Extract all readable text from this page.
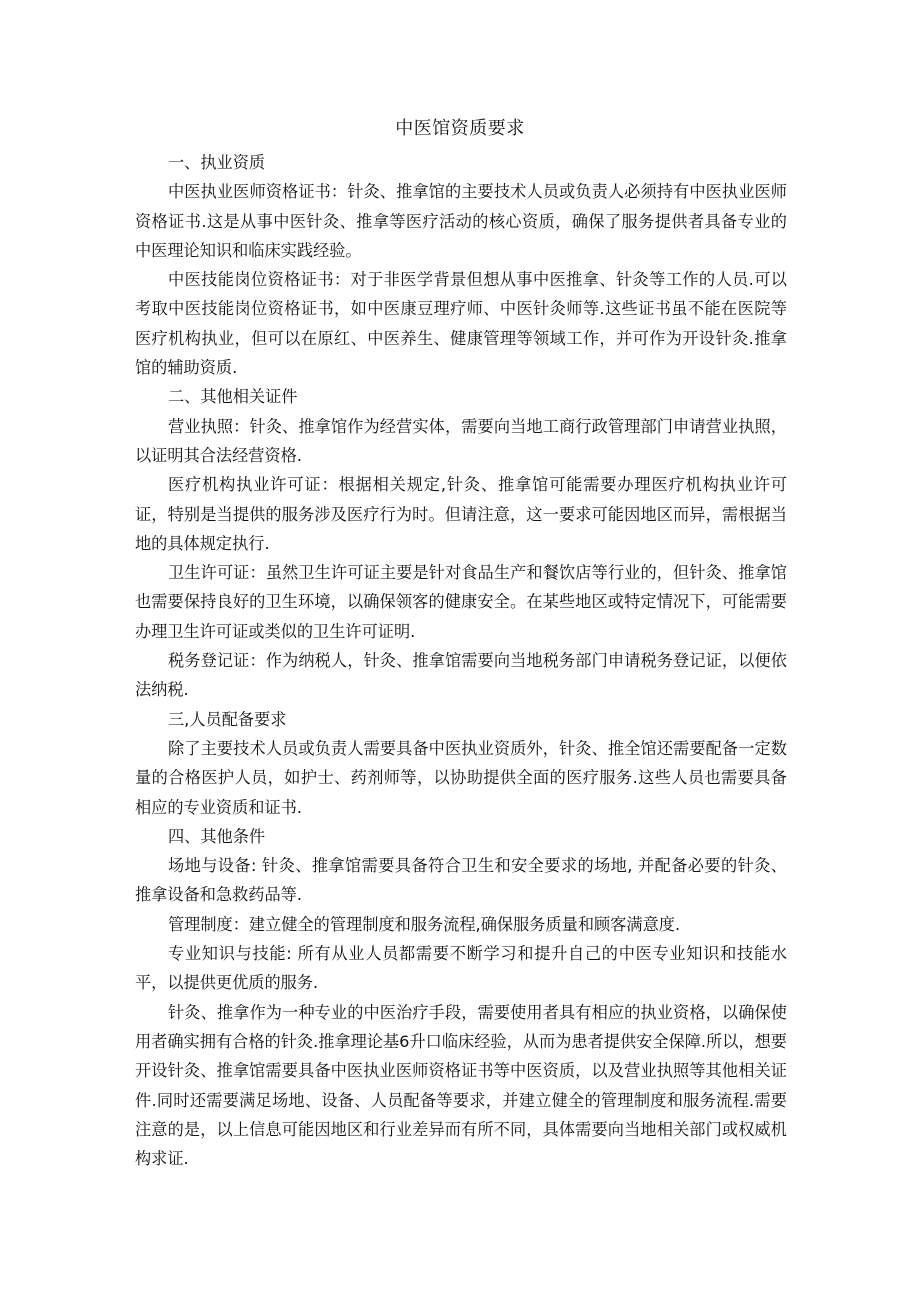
中医馆资质要求

一、执业资质

中医执业医师资格证书：针灸、推拿馆的主要技术人员或负责人必须持有中医执业医师资格证书.这是从事中医针灸、推拿等医疗活动的核心资质，确保了服务提供者具备专业的中医理论知识和临床实践经验。

中医技能岗位资格证书：对于非医学背景但想从事中医推拿、针灸等工作的人员.可以考取中医技能岗位资格证书，如中医康豆理疗师、中医针灸师等.这些证书虽不能在医院等医疗机构执业，但可以在原红、中医养生、健康管理等领域工作，并可作为开设针灸.推拿馆的辅助资质.

二、其他相关证件

营业执照：针灸、推拿馆作为经营实体，需要向当地工商行政管理部门申请营业执照，以证明其合法经营资格.

医疗机构执业许可证：根据相关规定,针灸、推拿馆可能需要办理医疗机构执业许可证，特别是当提供的服务涉及医疗行为时。但请注意，这一要求可能因地区而异，需根据当地的具体规定执行.

卫生许可证：虽然卫生许可证主要是针对食品生产和餐饮店等行业的，但针灸、推拿馆也需要保持良好的卫生环境，以确保领客的健康安全。在某些地区或特定情况下，可能需要办理卫生许可证或类似的卫生许可证明.

税务登记证：作为纳税人，针灸、推拿馆需要向当地税务部门申请税务登记证，以便依法纳税.

三,人员配备要求

除了主要技术人员或负责人需要具备中医执业资质外，针灸、推全馆还需要配备一定数量的合格医护人员，如护士、药剂师等，以协助提供全面的医疗服务.这些人员也需要具备相应的专业资质和证书.

四、其他条件

场地与设备: 针灸、推拿馆需要具备符合卫生和安全要求的场地, 并配备必要的针灸、推拿设备和急救药品等.

管理制度：建立健全的管理制度和服务流程,确保服务质量和顾客满意度.

专业知识与技能: 所有从业人员都需要不断学习和提升自己的中医专业知识和技能水平，以提供更优质的服务.

针灸、推拿作为一种专业的中医治疗手段，需要使用者具有相应的执业资格，以确保使用者确实拥有合格的针灸.推拿理论基6升口临床经验，从而为患者提供安全保障.所以，想要开设针灸、推拿馆需要具备中医执业医师资格证书等中医资质，以及营业执照等其他相关证件.同时还需要满足场地、设备、人员配备等要求，并建立健全的管理制度和服务流程.需要注意的是，以上信息可能因地区和行业差异而有所不同，具体需要向当地相关部门或权威机构求证.
